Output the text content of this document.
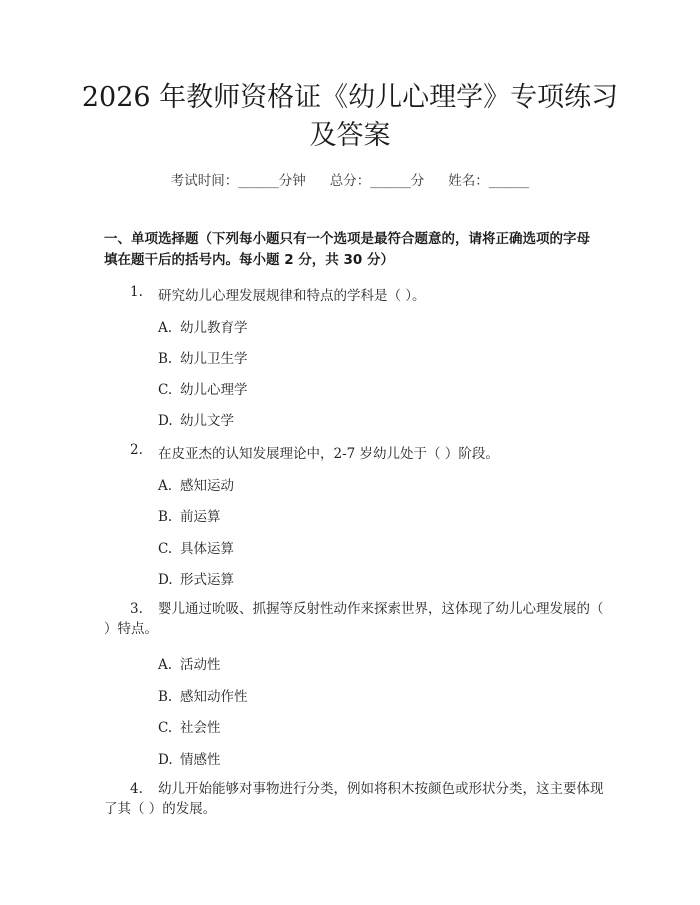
2026 年教师资格证《幼儿心理学》专项练习
及答案
考试时间：______分钟 总分：______分 姓名：______
一、单项选择题（下列每小题只有一个选项是最符合题意的，请将正确选项的字母填在题干后的括号内。每小题 2 分，共 30 分）
1. 研究幼儿心理发展规律和特点的学科是（ ）。
A. 幼儿教育学
B. 幼儿卫生学
C. 幼儿心理学
D. 幼儿文学
2. 在皮亚杰的认知发展理论中，2-7 岁幼儿处于（ ）阶段。
A. 感知运动
B. 前运算
C. 具体运算
D. 形式运算
3. 婴儿通过吮吸、抓握等反射性动作来探索世界，这体现了幼儿心理发展的（ ）特点。
A. 活动性
B. 感知动作性
C. 社会性
D. 情感性
4. 幼儿开始能够对事物进行分类，例如将积木按颜色或形状分类，这主要体现了其（ ）的发展。
